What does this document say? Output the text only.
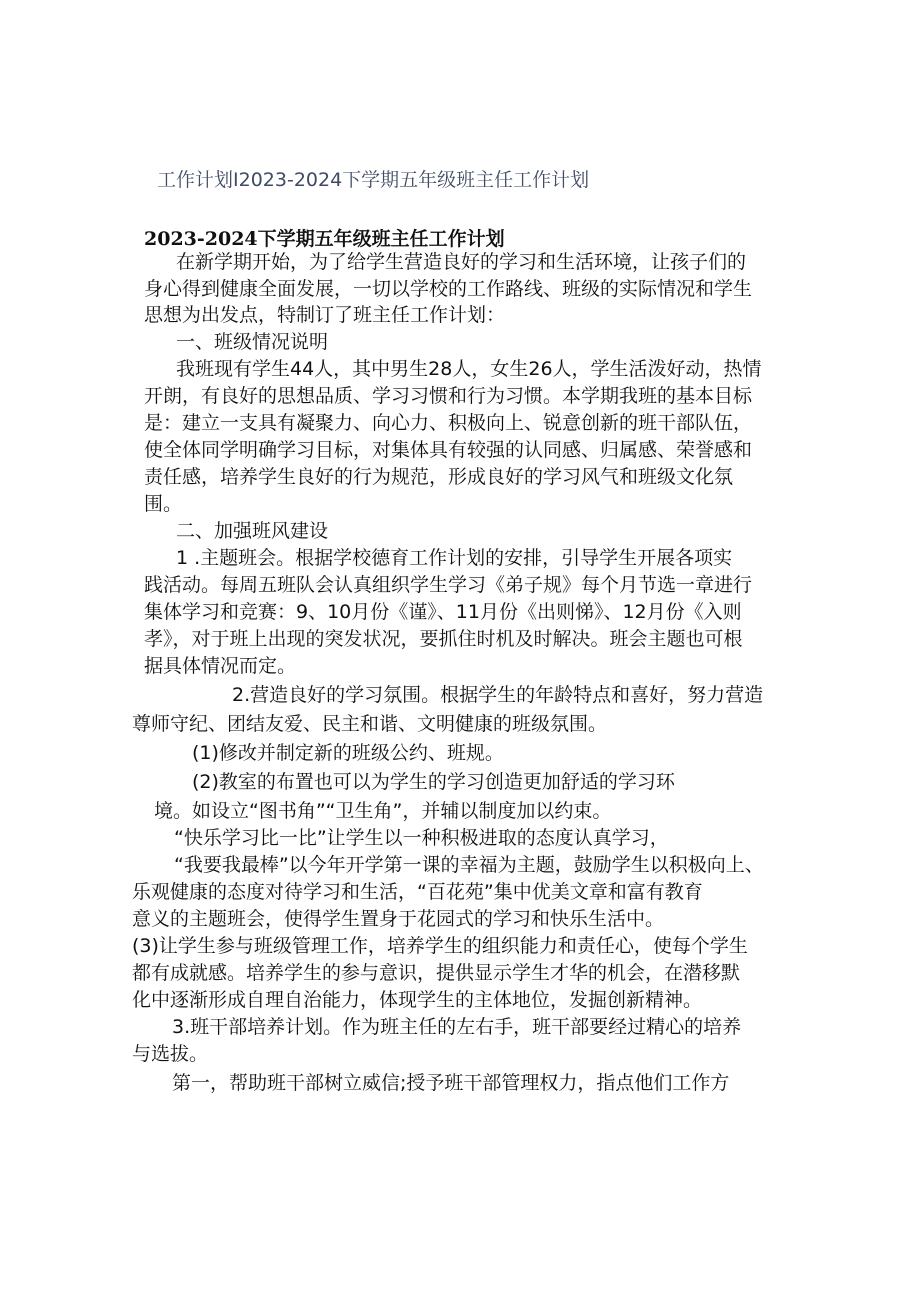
工作计划I2023-2024下学期五年级班主任工作计划
2023-2024下学期五年级班主任工作计划
在新学期开始，为了给学生营造良好的学习和生活环境，让孩子们的
身心得到健康全面发展，一切以学校的工作路线、班级的实际情况和学生
思想为出发点，特制订了班主任工作计划：
一、班级情况说明
我班现有学生44人，其中男生28人，女生26人，学生活泼好动，热情
开朗，有良好的思想品质、学习习惯和行为习惯。本学期我班的基本目标
是：建立一支具有凝聚力、向心力、积极向上、锐意创新的班干部队伍，
使全体同学明确学习目标，对集体具有较强的认同感、归属感、荣誉感和
责任感，培养学生良好的行为规范，形成良好的学习风气和班级文化氛
围。
二、加强班风建设
1 .主题班会。根据学校德育工作计划的安排，引导学生开展各项实
践活动。每周五班队会认真组织学生学习《弟子规》每个月节选一章进行
集体学习和竞赛：9、10月份《谨》、11月份《出则悌》、12月份《入则
孝》，对于班上出现的突发状况，要抓住时机及时解决。班会主题也可根
据具体情况而定。
2.营造良好的学习氛围。根据学生的年龄特点和喜好，努力营造
尊师守纪、团结友爱、民主和谐、文明健康的班级氛围。
(1)修改并制定新的班级公约、班规。
(2)教室的布置也可以为学生的学习创造更加舒适的学习环
境。如设立“图书角”“卫生角”，并辅以制度加以约束。
“快乐学习比一比”让学生以一种积极进取的态度认真学习，
“我要我最棒”以今年开学第一课的幸福为主题，鼓励学生以积极向上、
乐观健康的态度对待学习和生活，“百花苑”集中优美文章和富有教育
意义的主题班会，使得学生置身于花园式的学习和快乐生活中。
(3)让学生参与班级管理工作，培养学生的组织能力和责任心，使每个学生
都有成就感。培养学生的参与意识，提供显示学生才华的机会，在潜移默
化中逐渐形成自理自治能力，体现学生的主体地位，发掘创新精神。
3.班干部培养计划。作为班主任的左右手，班干部要经过精心的培养
与选拔。
第一，帮助班干部树立威信;授予班干部管理权力，指点他们工作方
